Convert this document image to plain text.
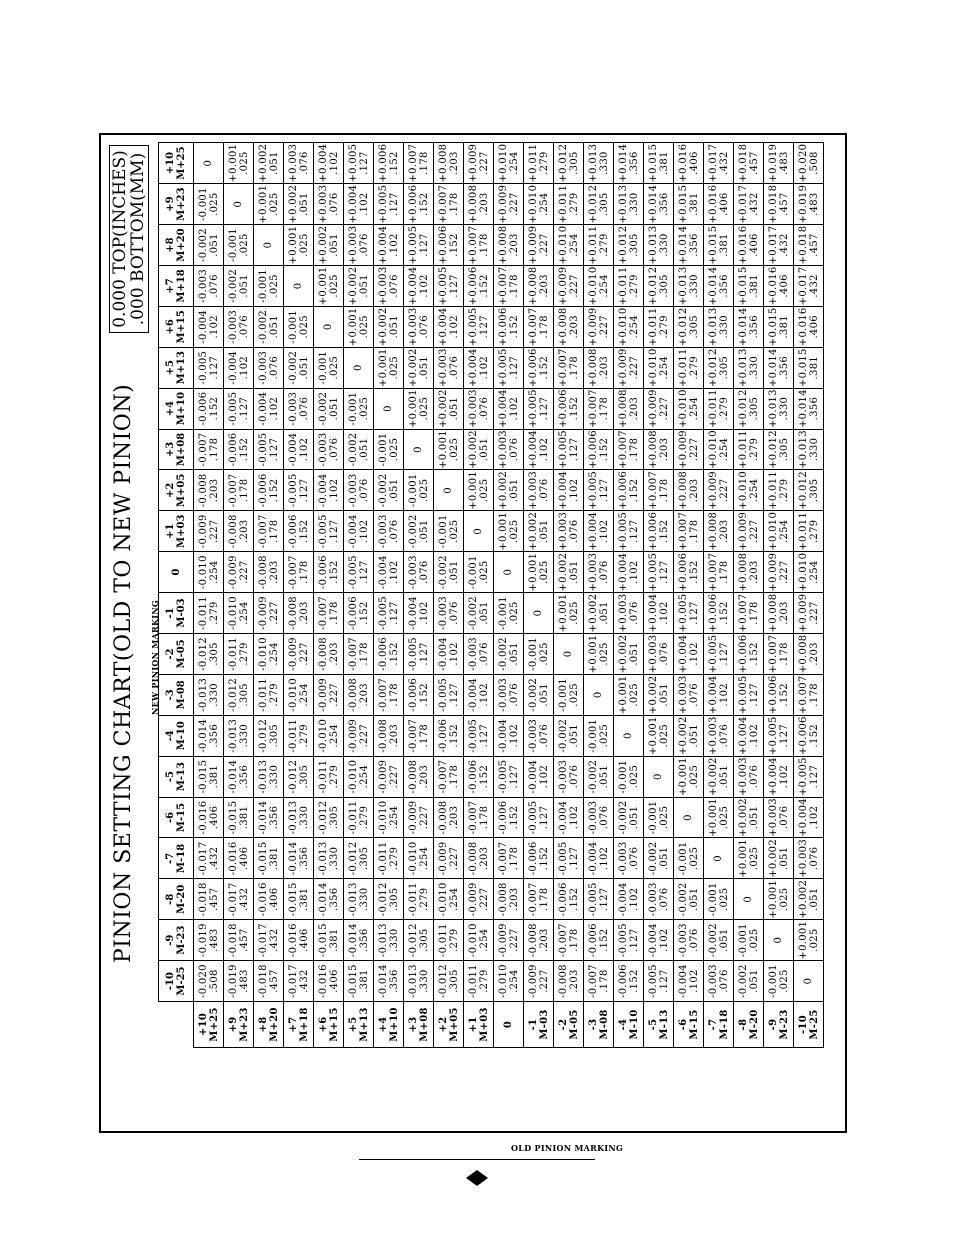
PINION SETTING CHART(OLD TO NEW PINION)
0.000 TOP(INCHES)
.000 BOTTOM(MM)
NEW PINION MARKING
OLD PINION MARKING

	-10 M-25	-9 M-23	-8 M-20	-7 M-18	-6 M-15	-5 M-13	-4 M-10	-3 M-08	-2 M-05	-1 M-03	0	+1 M+03	+2 M+05	+3 M+08	+4 M+10	+5 M+13	+6 M+15	+7 M+18	+8 M+20	+9 M+23	+10 M+25

+10 M+25	-0.020 .508	-0.019 .483	-0.018 .457	-0.017 .432	-0.016 .406	-0.015 .381	-0.014 .356	-0.013 .330	-0.012 .305	-0.011 .279	-0.010 .254	-0.009 .227	-0.008 .203	-0.007 .178	-0.006 .152	-0.005 .127	-0.004 .102	-0.003 .076	-0.002 .051	-0.001 .025	0

+9 M+23	-0.019 .483	-0.018 .457	-0.017 .432	-0.016 .406	-0.015 .381	-0.014 .356	-0.013 .330	-0.012 .305	-0.011 .279	-0.010 .254	-0.009 .227	-0.008 .203	-0.007 .178	-0.006 .152	-0.005 .127	-0.004 .102	-0.003 .076	-0.002 .051	-0.001 .025	0	+0.001 .025

+8 M+20	-0.018 .457	-0.017 .432	-0.016 .406	-0.015 .381	-0.014 .356	-0.013 .330	-0.012 .305	-0.011 .279	-0.010 .254	-0.009 .227	-0.008 .203	-0.007 .178	-0.006 .152	-0.005 .127	-0.004 .102	-0.003 .076	-0.002 .051	-0.001 .025	0	+0.001 .025	+0.002 .051

+7 M+18	-0.017 .432	-0.016 .406	-0.015 .381	-0.014 .356	-0.013 .330	-0.012 .305	-0.011 .279	-0.010 .254	-0.009 .227	-0.008 .203	-0.007 .178	-0.006 .152	-0.005 .127	-0.004 .102	-0.003 .076	-0.002 .051	-0.001 .025	0	+0.001 .025	+0.002 .051	+0.003 .076

+6 M+15	-0.016 .406	-0.015 .381	-0.014 .356	-0.013 .330	-0.012 .305	-0.011 .279	-0.010 .254	-0.009 .227	-0.008 .203	-0.007 .178	-0.006 .152	-0.005 .127	-0.004 .102	-0.003 .076	-0.002 .051	-0.001 .025	0	+0.001 .025	+0.002 .051	+0.003 .076	+0.004 .102

+5 M+13	-0.015 .381	-0.014 .356	-0.013 .330	-0.012 .305	-0.011 .279	-0.010 .254	-0.009 .227	-0.008 .203	-0.007 .178	-0.006 .152	-0.005 .127	-0.004 .102	-0.003 .076	-0.002 .051	-0.001 .025	0	+0.001 .025	+0.002 .051	+0.003 .076	+0.004 .102	+0.005 .127

+4 M+10	-0.014 .356	-0.013 .330	-0.012 .305	-0.011 .279	-0.010 .254	-0.009 .227	-0.008 .203	-0.007 .178	-0.006 .152	-0.005 .127	-0.004 .102	-0.003 .076	-0.002 .051	-0.001 .025	0	+0.001 .025	+0.002 .051	+0.003 .076	+0.004 .102	+0.005 .127	+0.006 .152

+3 M+08	-0.013 .330	-0.012 .305	-0.011 .279	-0.010 .254	-0.009 .227	-0.008 .203	-0.007 .178	-0.006 .152	-0.005 .127	-0.004 .102	-0.003 .076	-0.002 .051	-0.001 .025	0	+0.001 .025	+0.002 .051	+0.003 .076	+0.004 .102	+0.005 .127	+0.006 .152	+0.007 .178

+2 M+05	-0.012 .305	-0.011 .279	-0.010 .254	-0.009 .227	-0.008 .203	-0.007 .178	-0.006 .152	-0.005 .127	-0.004 .102	-0.003 .076	-0.002 .051	-0.001 .025	0	+0.001 .025	+0.002 .051	+0.003 .076	+0.004 .102	+0.005 .127	+0.006 .152	+0.007 .178	+0.008 .203

+1 M+03	-0.011 .279	-0.010 .254	-0.009 .227	-0.008 .203	-0.007 .178	-0.006 .152	-0.005 .127	-0.004 .102	-0.003 .076	-0.002 .051	-0.001 .025	0	+0.001 .025	+0.002 .051	+0.003 .076	+0.004 .102	+0.005 .127	+0.006 .152	+0.007 .178	+0.008 .203	+0.009 .227

0	-0.010 .254	-0.009 .227	-0.008 .203	-0.007 .178	-0.006 .152	-0.005 .127	-0.004 .102	-0.003 .076	-0.002 .051	-0.001 .025	0	+0.001 .025	+0.002 .051	+0.003 .076	+0.004 .102	+0.005 .127	+0.006 .152	+0.007 .178	+0.008 .203	+0.009 .227	+0.010 .254

-1 M-03	-0.009 .227	-0.008 .203	-0.007 .178	-0.006 .152	-0.005 .127	-0.004 .102	-0.003 .076	-0.002 .051	-0.001 .025	0	+0.001 .025	+0.002 .051	+0.003 .076	+0.004 .102	+0.005 .127	+0.006 .152	+0.007 .178	+0.008 .203	+0.009 .227	+0.010 .254	+0.011 .279

-2 M-05	-0.008 .203	-0.007 .178	-0.006 .152	-0.005 .127	-0.004 .102	-0.003 .076	-0.002 .051	-0.001 .025	0	+0.001 .025	+0.002 .051	+0.003 .076	+0.004 .102	+0.005 .127	+0.006 .152	+0.007 .178	+0.008 .203	+0.009 .227	+0.010 .254	+0.011 .279	+0.012 .305

-3 M-08	-0.007 .178	-0.006 .152	-0.005 .127	-0.004 .102	-0.003 .076	-0.002 .051	-0.001 .025	0	+0.001 .025	+0.002 .051	+0.003 .076	+0.004 .102	+0.005 .127	+0.006 .152	+0.007 .178	+0.008 .203	+0.009 .227	+0.010 .254	+0.011 .279	+0.012 .305	+0.013 .330

-4 M-10	-0.006 .152	-0.005 .127	-0.004 .102	-0.003 .076	-0.002 .051	-0.001 .025	0	+0.001 .025	+0.002 .051	+0.003 .076	+0.004 .102	+0.005 .127	+0.006 .152	+0.007 .178	+0.008 .203	+0.009 .227	+0.010 .254	+0.011 .279	+0.012 .305	+0.013 .330	+0.014 .356

-5 M-13	-0.005 .127	-0.004 .102	-0.003 .076	-0.002 .051	-0.001 .025	0	+0.001 .025	+0.002 .051	+0.003 .076	+0.004 .102	+0.005 .127	+0.006 .152	+0.007 .178	+0.008 .203	+0.009 .227	+0.010 .254	+0.011 .279	+0.012 .305	+0.013 .330	+0.014 .356	+0.015 .381

-6 M-15	-0.004 .102	-0.003 .076	-0.002 .051	-0.001 .025	0	+0.001 .025	+0.002 .051	+0.003 .076	+0.004 .102	+0.005 .127	+0.006 .152	+0.007 .178	+0.008 .203	+0.009 .227	+0.010 .254	+0.011 .279	+0.012 .305	+0.013 .330	+0.014 .356	+0.015 .381	+0.016 .406

-7 M-18	-0.003 .076	-0.002 .051	-0.001 .025	0	+0.001 .025	+0.002 .051	+0.003 .076	+0.004 .102	+0.005 .127	+0.006 .152	+0.007 .178	+0.008 .203	+0.009 .227	+0.010 .254	+0.011 .279	+0.012 .305	+0.013 .330	+0.014 .356	+0.015 .381	+0.016 .406	+0.017 .432

-8 M-20	-0.002 .051	-0.001 .025	0	+0.001 .025	+0.002 .051	+0.003 .076	+0.004 .102	+0.005 .127	+0.006 .152	+0.007 .178	+0.008 .203	+0.009 .227	+0.010 .254	+0.011 .279	+0.012 .305	+0.013 .330	+0.014 .356	+0.015 .381	+0.016 .406	+0.017 .432	+0.018 .457

-9 M-23	-0.001 .025	0	+0.001 .025	+0.002 .051	+0.003 .076	+0.004 .102	+0.005 .127	+0.006 .152	+0.007 .178	+0.008 .203	+0.009 .227	+0.010 .254	+0.011 .279	+0.012 .305	+0.013 .330	+0.014 .356	+0.015 .381	+0.016 .406	+0.017 .432	+0.018 .457	+0.019 .483

-10 M-25	0	+0.001 .025	+0.002 .051	+0.003 .076	+0.004 .102	+0.005 .127	+0.006 .152	+0.007 .178	+0.008 .203	+0.009 .227	+0.010 .254	+0.011 .279	+0.012 .305	+0.013 .330	+0.014 .356	+0.015 .381	+0.016 .406	+0.017 .432	+0.018 .457	+0.019 .483	+0.020 .508
